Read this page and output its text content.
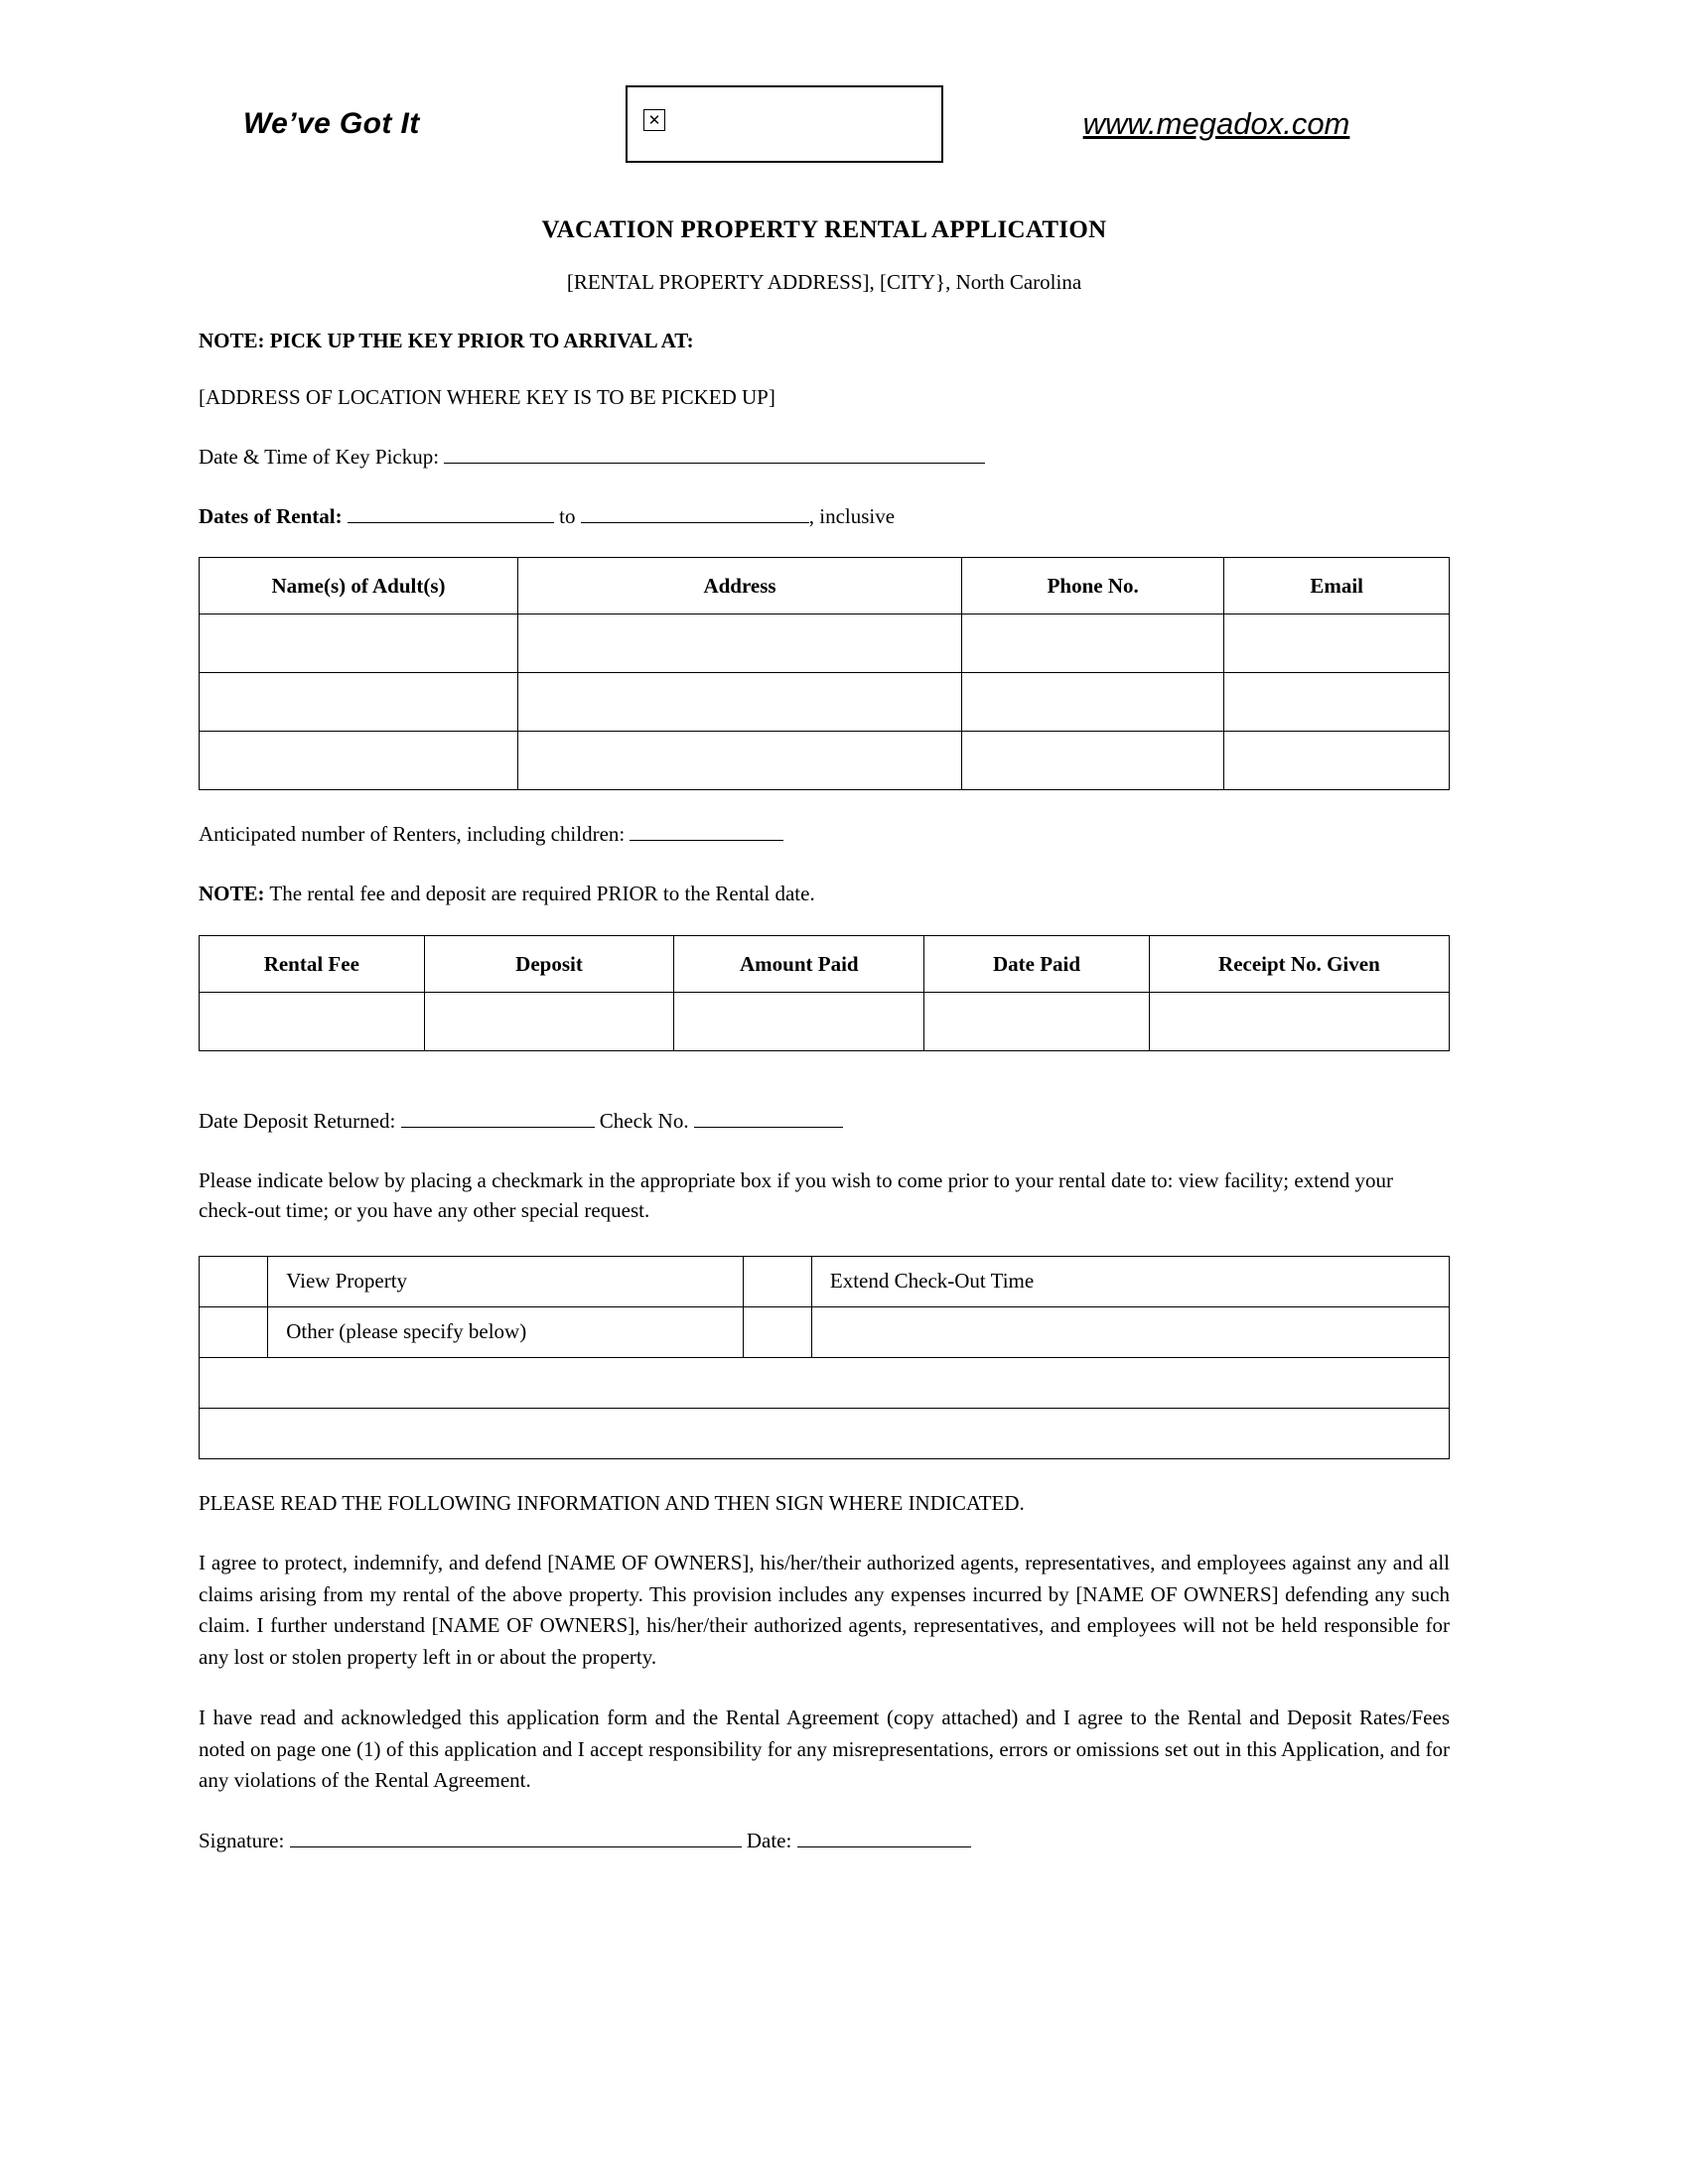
We’ve Got It	✕	www.megadox.com
VACATION PROPERTY RENTAL APPLICATION
[RENTAL PROPERTY ADDRESS], [CITY}, North Carolina
NOTE: PICK UP THE KEY PRIOR TO ARRIVAL AT:
[ADDRESS OF LOCATION WHERE KEY IS TO BE PICKED UP]
Date & Time of Key Pickup:
Dates of Rental:	to	, inclusive
Name(s) of Adult(s)	Address	Phone No.	Email

Anticipated number of Renters, including children:
NOTE: The rental fee and deposit are required PRIOR to the Rental date.
Rental Fee	Deposit	Amount Paid	Date Paid	Receipt No. Given

Date Deposit Returned:	Check No.
Please indicate below by placing a checkmark in the appropriate box if you wish to come prior to your rental date to: view facility; extend your check-out time; or you have any other special request.
	View Property		Extend Check-Out Time
	Other (please specify below)		

PLEASE READ THE FOLLOWING INFORMATION AND THEN SIGN WHERE INDICATED.
I agree to protect, indemnify, and defend [NAME OF OWNERS], his/her/their authorized agents, representatives, and employees against any and all claims arising from my rental of the above property. This provision includes any expenses incurred by [NAME OF OWNERS] defending any such claim. I further understand [NAME OF OWNERS], his/her/their authorized agents, representatives, and employees will not be held responsible for any lost or stolen property left in or about the property.
I have read and acknowledged this application form and the Rental Agreement (copy attached) and I agree to the Rental and Deposit Rates/Fees noted on page one (1) of this application and I accept responsibility for any misrepresentations, errors or omissions set out in this Application, and for any violations of the Rental Agreement.
Signature:	Date:
